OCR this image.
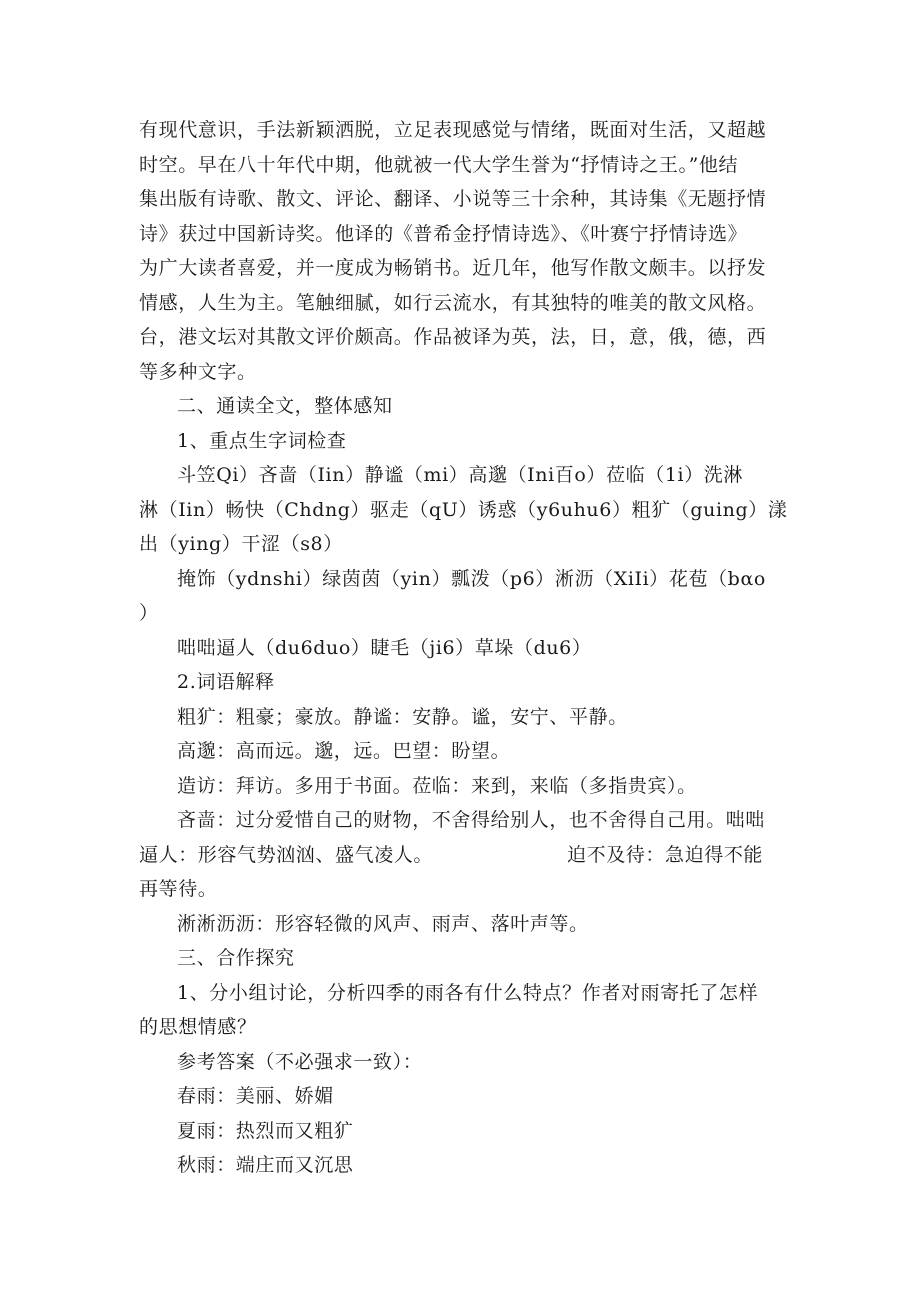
有现代意识，手法新颖洒脱，立足表现感觉与情绪，既面对生活，又超越
时空。早在八十年代中期，他就被一代大学生誉为“抒情诗之王。”他结
集出版有诗歌、散文、评论、翻译、小说等三十余种，其诗集《无题抒情
诗》获过中国新诗奖。他译的《普希金抒情诗选》、《叶赛宁抒情诗选》
为广大读者喜爱，并一度成为畅销书。近几年，他写作散文颇丰。以抒发
情感，人生为主。笔触细腻，如行云流水，有其独特的唯美的散文风格。
台，港文坛对其散文评价颇高。作品被译为英，法，日，意，俄，德，西
等多种文字。
二、通读全文，整体感知
1、重点生字词检查
斗笠Qi）吝啬（Iin）静谧（mi）高邈（Ini百o）莅临（1i）洗淋
淋（Iin）畅快（Chdng）驱走（qU）诱惑（y6uhu6）粗犷（guing）漾
出（ying）干涩（s8）
掩饰（ydnshi）绿茵茵（yin）瓢泼（p6）淅沥（XiIi）花苞（bαo
）
咄咄逼人（du6duo）睫毛（ji6）草垛（du6）
2.词语解释
粗犷：粗豪；豪放。静谧：安静。谧，安宁、平静。
高邈：高而远。邈，远。巴望：盼望。
造访：拜访。多用于书面。莅临：来到，来临（多指贵宾）。
吝啬：过分爱惜自己的财物，不舍得给别人，也不舍得自己用。咄咄
逼人：形容气势汹汹、盛气凌人。	迫不及待：急迫得不能
再等待。
淅淅沥沥：形容轻微的风声、雨声、落叶声等。
三、合作探究
1、分小组讨论，分析四季的雨各有什么特点？作者对雨寄托了怎样
的思想情感？
参考答案（不必强求一致）：
春雨：美丽、娇媚
夏雨：热烈而又粗犷
秋雨：端庄而又沉思
